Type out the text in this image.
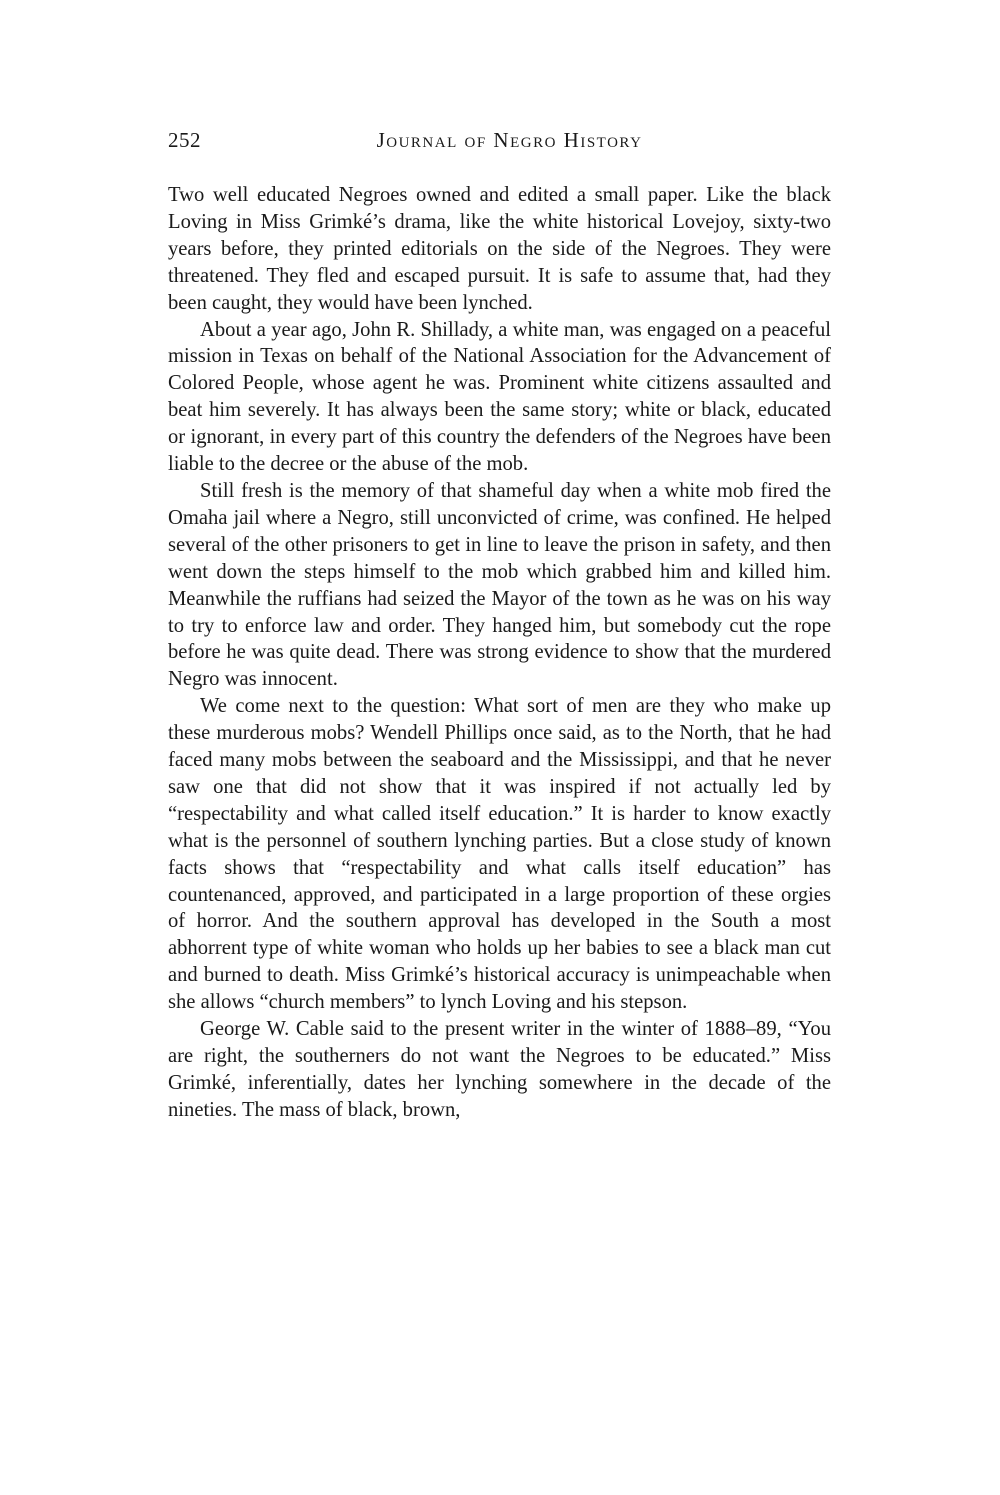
252	Journal of Negro History

Two well educated Negroes owned and edited a small paper. Like the black Loving in Miss Grimké’s drama, like the white historical Lovejoy, sixty-two years before, they printed editorials on the side of the Negroes. They were threatened. They fled and escaped pursuit. It is safe to assume that, had they been caught, they would have been lynched.

About a year ago, John R. Shillady, a white man, was engaged on a peaceful mission in Texas on behalf of the National Association for the Advancement of Colored People, whose agent he was. Prominent white citizens assaulted and beat him severely. It has always been the same story; white or black, educated or ignorant, in every part of this country the defenders of the Negroes have been liable to the decree or the abuse of the mob.

Still fresh is the memory of that shameful day when a white mob fired the Omaha jail where a Negro, still unconvicted of crime, was confined. He helped several of the other prisoners to get in line to leave the prison in safety, and then went down the steps himself to the mob which grabbed him and killed him. Meanwhile the ruffians had seized the Mayor of the town as he was on his way to try to enforce law and order. They hanged him, but somebody cut the rope before he was quite dead. There was strong evidence to show that the murdered Negro was innocent.

We come next to the question: What sort of men are they who make up these murderous mobs? Wendell Phillips once said, as to the North, that he had faced many mobs between the seaboard and the Mississippi, and that he never saw one that did not show that it was inspired if not actually led by “respectability and what called itself education.” It is harder to know exactly what is the personnel of southern lynching parties. But a close study of known facts shows that “respectability and what calls itself education” has countenanced, approved, and participated in a large proportion of these orgies of horror. And the southern approval has developed in the South a most abhorrent type of white woman who holds up her babies to see a black man cut and burned to death. Miss Grimké’s historical accuracy is unimpeachable when she allows “church members” to lynch Loving and his stepson.

George W. Cable said to the present writer in the winter of 1888–89, “You are right, the southerners do not want the Negroes to be educated.” Miss Grimké, inferentially, dates her lynching somewhere in the decade of the nineties. The mass of black, brown,
